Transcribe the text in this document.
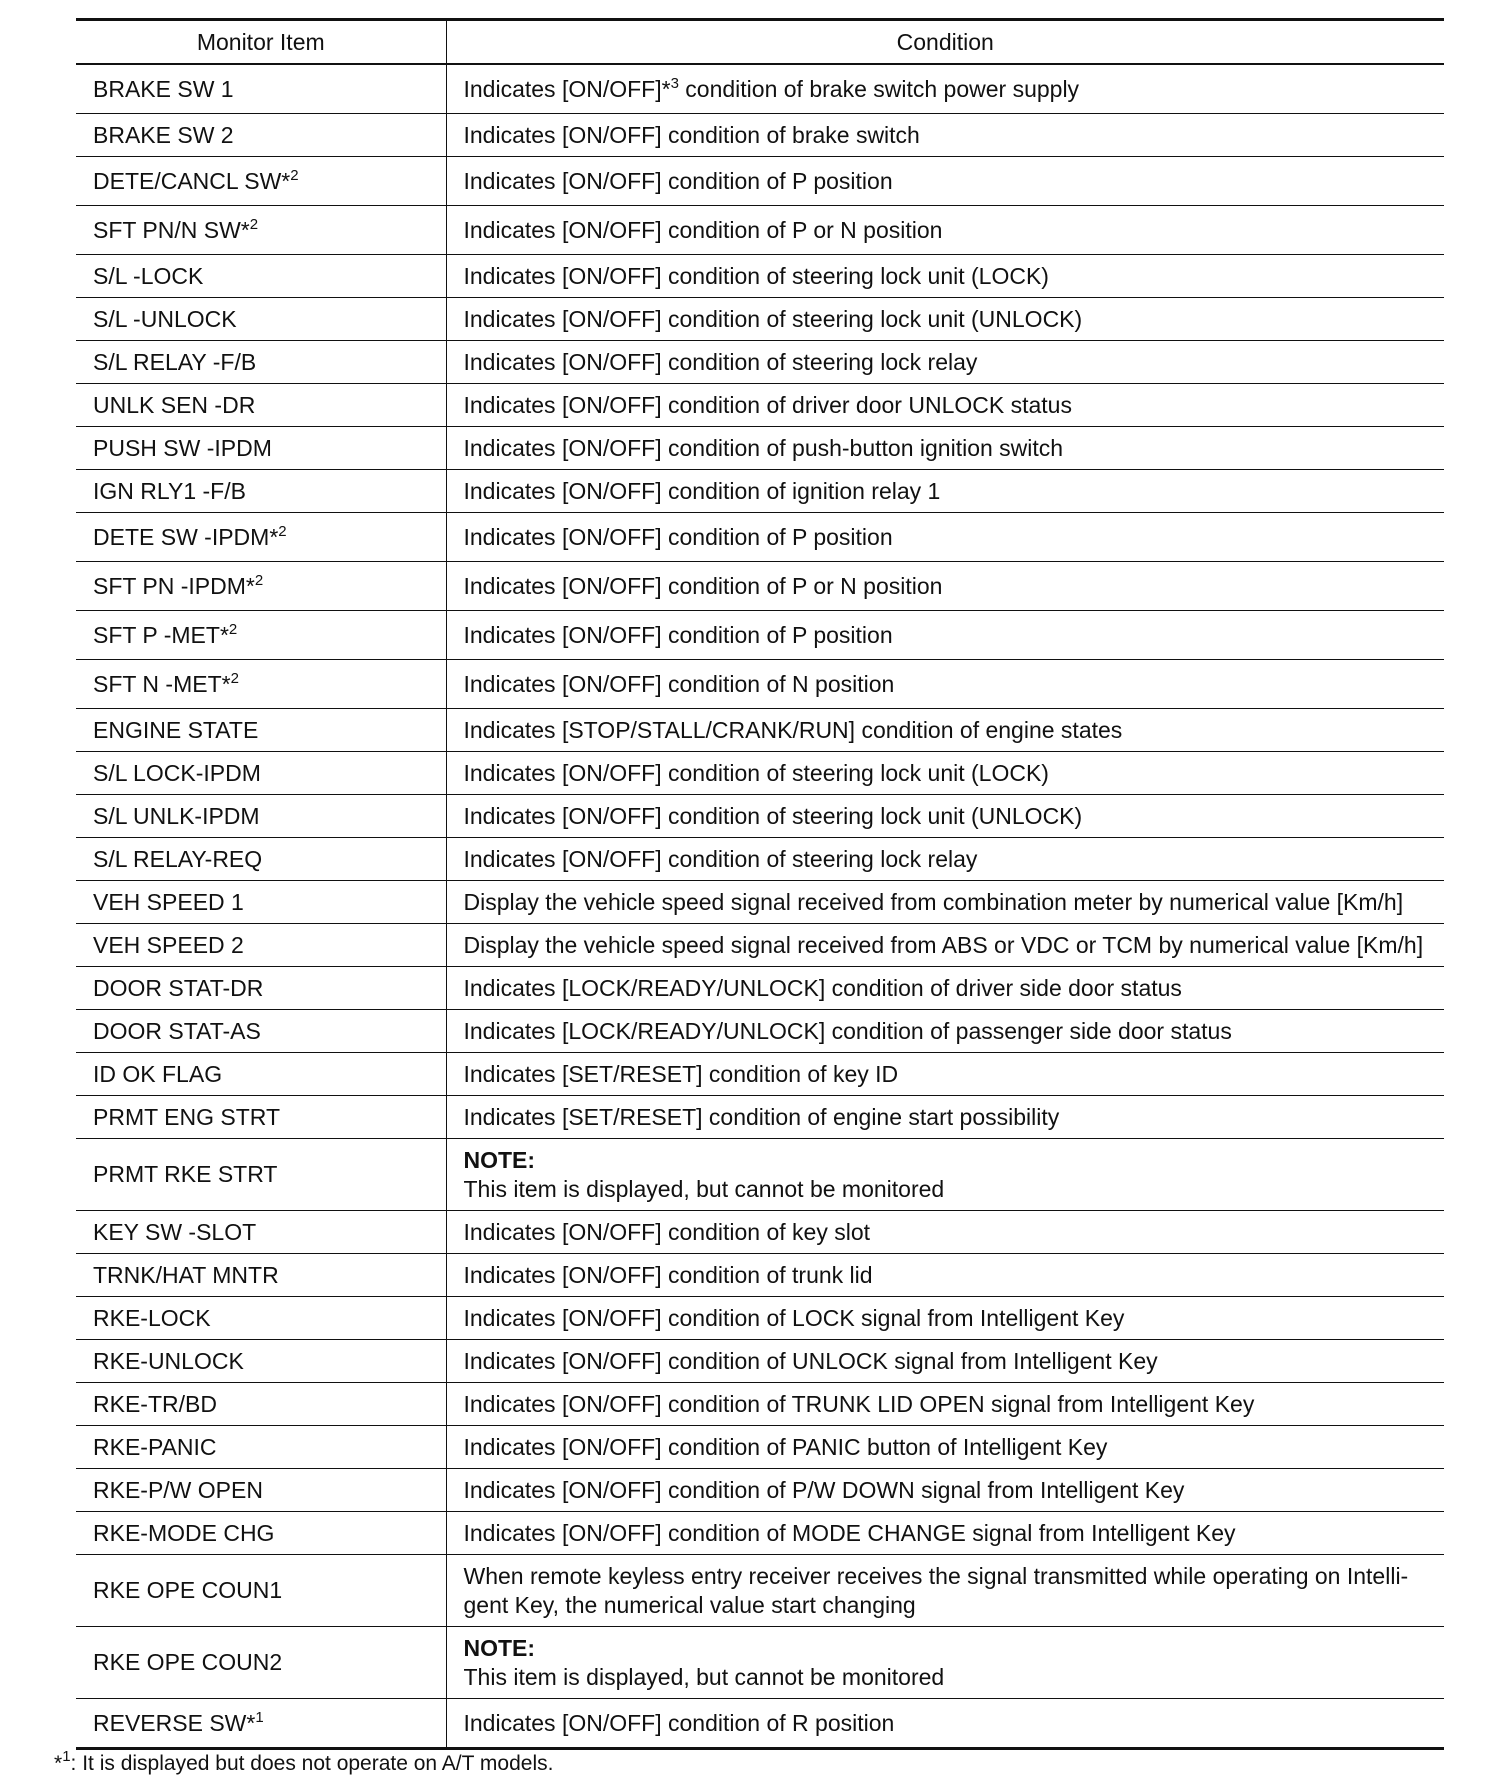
Monitor Item	Condition
BRAKE SW 1	Indicates [ON/OFF]*$^3$ condition of brake switch power supply
BRAKE SW 2	Indicates [ON/OFF] condition of brake switch
DETE/CANCL SW*$^2$	Indicates [ON/OFF] condition of P position
SFT PN/N SW*$^2$	Indicates [ON/OFF] condition of P or N position
S/L -LOCK	Indicates [ON/OFF] condition of steering lock unit (LOCK)
S/L -UNLOCK	Indicates [ON/OFF] condition of steering lock unit (UNLOCK)
S/L RELAY -F/B	Indicates [ON/OFF] condition of steering lock relay
UNLK SEN -DR	Indicates [ON/OFF] condition of driver door UNLOCK status
PUSH SW -IPDM	Indicates [ON/OFF] condition of push-button ignition switch
IGN RLY1 -F/B	Indicates [ON/OFF] condition of ignition relay 1
DETE SW -IPDM*$^2$	Indicates [ON/OFF] condition of P position
SFT PN -IPDM*$^2$	Indicates [ON/OFF] condition of P or N position
SFT P -MET*$^2$	Indicates [ON/OFF] condition of P position
SFT N -MET*$^2$	Indicates [ON/OFF] condition of N position
ENGINE STATE	Indicates [STOP/STALL/CRANK/RUN] condition of engine states
S/L LOCK-IPDM	Indicates [ON/OFF] condition of steering lock unit (LOCK)
S/L UNLK-IPDM	Indicates [ON/OFF] condition of steering lock unit (UNLOCK)
S/L RELAY-REQ	Indicates [ON/OFF] condition of steering lock relay
VEH SPEED 1	Display the vehicle speed signal received from combination meter by numerical value [Km/h]
VEH SPEED 2	Display the vehicle speed signal received from ABS or VDC or TCM by numerical value [Km/h]
DOOR STAT-DR	Indicates [LOCK/READY/UNLOCK] condition of driver side door status
DOOR STAT-AS	Indicates [LOCK/READY/UNLOCK] condition of passenger side door status
ID OK FLAG	Indicates [SET/RESET] condition of key ID
PRMT ENG STRT	Indicates [SET/RESET] condition of engine start possibility
PRMT RKE STRT	NOTE:
This item is displayed, but cannot be monitored
KEY SW -SLOT	Indicates [ON/OFF] condition of key slot
TRNK/HAT MNTR	Indicates [ON/OFF] condition of trunk lid
RKE-LOCK	Indicates [ON/OFF] condition of LOCK signal from Intelligent Key
RKE-UNLOCK	Indicates [ON/OFF] condition of UNLOCK signal from Intelligent Key
RKE-TR/BD	Indicates [ON/OFF] condition of TRUNK LID OPEN signal from Intelligent Key
RKE-PANIC	Indicates [ON/OFF] condition of PANIC button of Intelligent Key
RKE-P/W OPEN	Indicates [ON/OFF] condition of P/W DOWN signal from Intelligent Key
RKE-MODE CHG	Indicates [ON/OFF] condition of MODE CHANGE signal from Intelligent Key
RKE OPE COUN1	When remote keyless entry receiver receives the signal transmitted while operating on Intelli-gent Key, the numerical value start changing
RKE OPE COUN2	NOTE:
This item is displayed, but cannot be monitored
REVERSE SW*$^1$	Indicates [ON/OFF] condition of R position
*$^1$: It is displayed but does not operate on A/T models.
